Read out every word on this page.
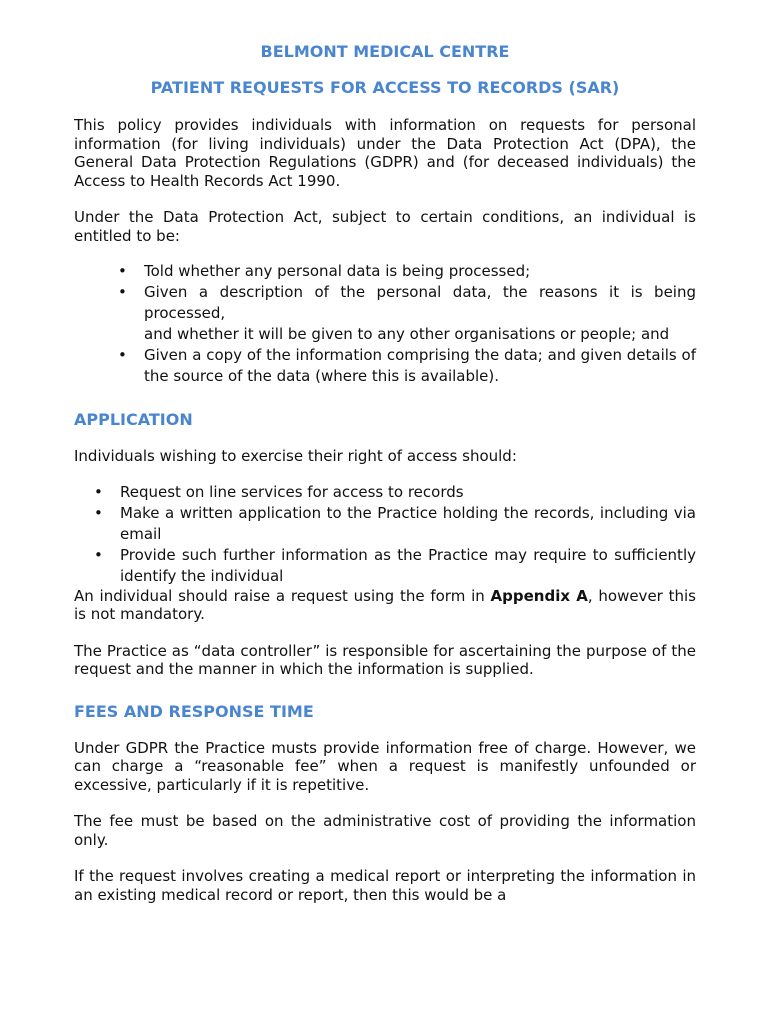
BELMONT MEDICAL CENTRE
PATIENT REQUESTS FOR ACCESS TO RECORDS (SAR)

This policy provides individuals with information on requests for personal information (for living individuals) under the Data Protection Act (DPA), the General Data Protection Regulations (GDPR) and (for deceased individuals) the Access to Health Records Act 1990.

Under the Data Protection Act, subject to certain conditions, an individual is entitled to be:

• Told whether any personal data is being processed;
• Given a description of the personal data, the reasons it is being processed,
and whether it will be given to any other organisations or people; and
• Given a copy of the information comprising the data; and given details of the source of the data (where this is available).
APPLICATION

Individuals wishing to exercise their right of access should:

• Request on line services for access to records
• Make a written application to the Practice holding the records, including via email
• Provide such further information as the Practice may require to sufficiently identify the individual

An individual should raise a request using the form in Appendix A, however this is not mandatory.

The Practice as “data controller” is responsible for ascertaining the purpose of the request and the manner in which the information is supplied.

FEES AND RESPONSE TIME

Under GDPR the Practice musts provide information free of charge. However, we can charge a “reasonable fee” when a request is manifestly unfounded or excessive, particularly if it is repetitive.

The fee must be based on the administrative cost of providing the information only.

If the request involves creating a medical report or interpreting the information in an existing medical record or report, then this would be a
